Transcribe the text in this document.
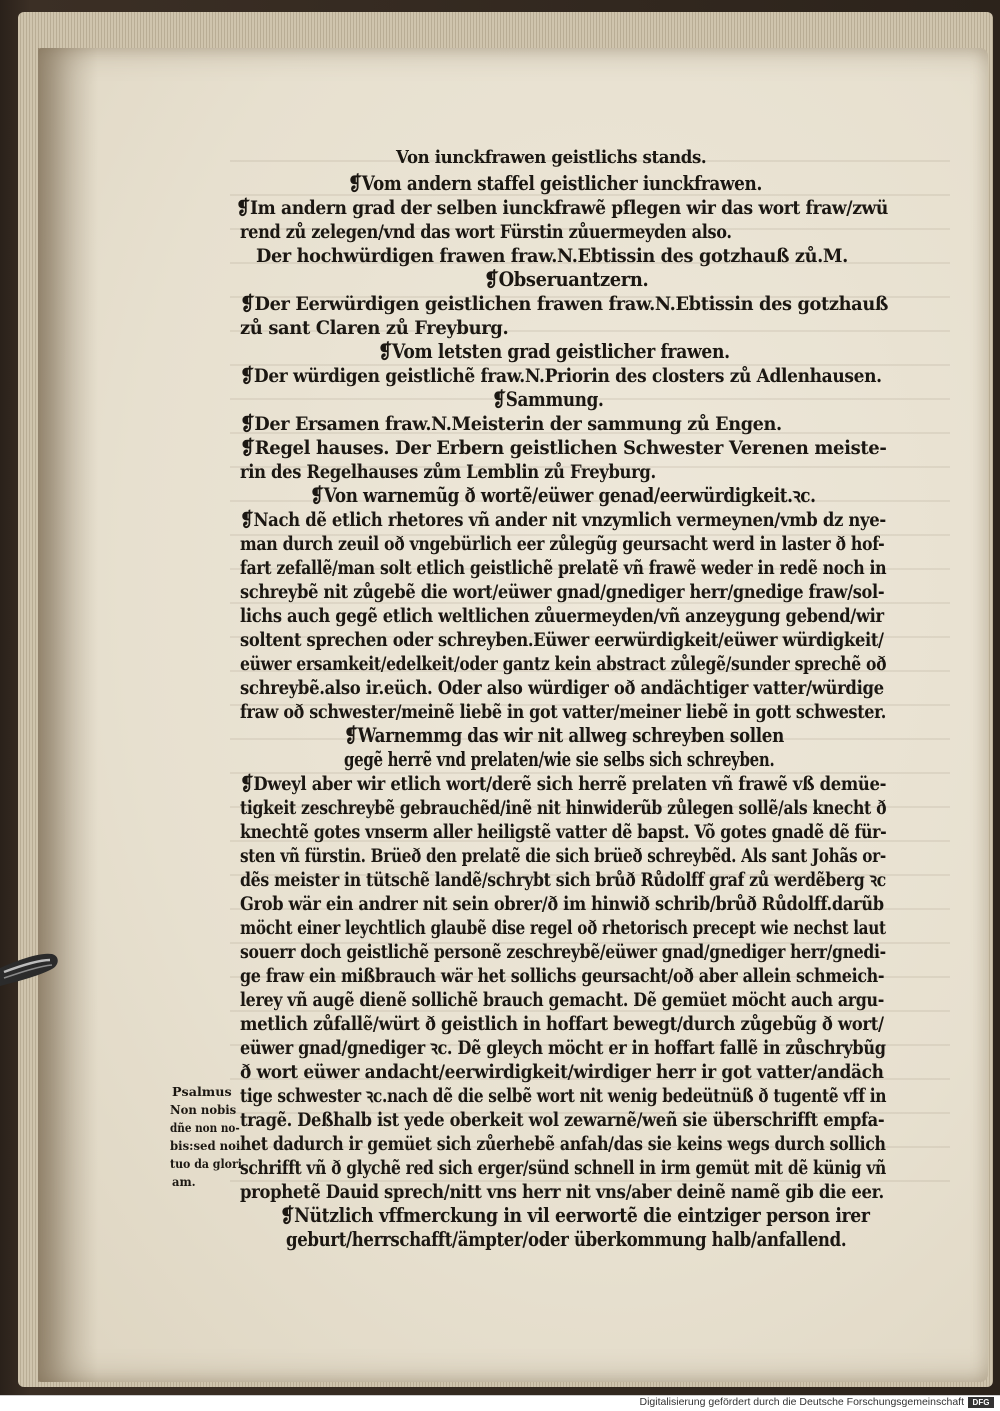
Von iunckfrawen geistlichs stands.
❡Vom andern staffel geistlicher iunckfrawen.
❡Im andern grad der selben iunckfrawẽ pflegen wir das wort fraw/zwü
rend zů zelegen/vnd das wort Fürstin zůuermeyden also.
Der hochwürdigen frawen fraw.N.Ebtissin des gotzhauß zů.M.
❡Obseruantzern.
❡Der Eerwürdigen geistlichen frawen fraw.N.Ebtissin des gotzhauß
zů sant Claren zů Freyburg.
❡Vom letsten grad geistlicher frawen.
❡Der würdigen geistlichẽ fraw.N.Priorin des closters zů Adlenhausen.
❡Sammung.
❡Der Ersamen fraw.N.Meisterin der sammung zů Engen.
❡Regel hauses. Der Erbern geistlichen Schwester Verenen meiste-
rin des Regelhauses zům Lemblin zů Freyburg.
❡Von warnemũg ð wortẽ/eüwer genad/eerwürdigkeit.ꝛc.
❡Nach dẽ etlich rhetores vñ ander nit vnzymlich vermeynen/vmb dz nye-
man durch zeuil oð vngebürlich eer zůlegũg geursacht werd in laster ð hof-
fart zefallẽ/man solt etlich geistlichẽ prelatẽ vñ frawẽ weder in redẽ noch in
schreybẽ nit zůgebẽ die wort/eüwer gnad/gnediger herr/gnedige fraw/sol-
lichs auch gegẽ etlich weltlichen zůuermeyden/vñ anzeygung gebend/wir
soltent sprechen oder schreyben.Eüwer eerwürdigkeit/eüwer würdigkeit/
eüwer ersamkeit/edelkeit/oder gantz kein abstract zůlegẽ/sunder sprechẽ oð
schreybẽ.also ir.eüch. Oder also würdiger oð andächtiger vatter/würdige
fraw oð schwester/meinẽ liebẽ in got vatter/meiner liebẽ in gott schwester.
❡Warnemmg das wir nit allweg schreyben sollen
gegẽ herrẽ vnd prelaten/wie sie selbs sich schreyben.
❡Dweyl aber wir etlich wort/derẽ sich herrẽ prelaten vñ frawẽ vß demüe-
tigkeit zeschreybẽ gebrauchẽd/inẽ nit hinwiderũb zůlegen sollẽ/als knecht ð
knechtẽ gotes vnserm aller heiligstẽ vatter dẽ bapst. Võ gotes gnadẽ dẽ für-
sten vñ fürstin. Brüeð den prelatẽ die sich brüeð schreybẽd. Als sant Johãs or-
dẽs meister in tütschẽ landẽ/schrybt sich brůð Růdolff graf zů werdẽberg ꝛc
Grob wär ein andrer nit sein obrer/ð im hinwið schrib/brůð Růdolff.darũb
möcht einer leychtlich glaubẽ dise regel oð rhetorisch precept wie nechst laut
souerr doch geistlichẽ personẽ zeschreybẽ/eüwer gnad/gnediger herr/gnedi-
ge fraw ein mißbrauch wär het sollichs geursacht/oð aber allein schmeich-
lerey vñ augẽ dienẽ sollichẽ brauch gemacht. Dẽ gemüet möcht auch argu-
metlich zůfallẽ/würt ð geistlich in hoffart bewegt/durch zůgebũg ð wort/
eüwer gnad/gnediger ꝛc. Dẽ gleych möcht er in hoffart fallẽ in zůschrybũg
ð wort eüwer andacht/eerwirdigkeit/wirdiger herr ir got vatter/andäch
tige schwester ꝛc.nach dẽ die selbẽ wort nit wenig bedeütnüß ð tugentẽ vff in
tragẽ. Deßhalb ist yede oberkeit wol zewarnẽ/weñ sie überschrifft empfa-
het dadurch ir gemüet sich zůerhebẽ anfah/das sie keins wegs durch sollich
schrifft vñ ð glychẽ red sich erger/sünd schnell in irm gemüt mit dẽ künig vñ
prophetẽ Dauid sprech/nitt vns herr nit vns/aber deinẽ namẽ gib die eer.
❡Nützlich vffmerckung in vil eerwortẽ die eintziger person irer
geburt/herrschafft/ämpter/oder überkommung halb/anfallend.
Psalmus
Non nobis
dñe non no-
bis:sed noi
tuo da glori
am.
Digitalisierung gefördert durch die Deutsche Forschungsgemeinschaft	DFG
